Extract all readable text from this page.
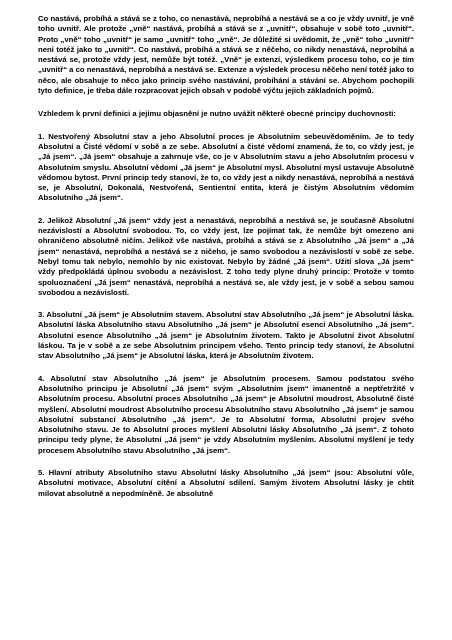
Co nastává, probíhá a stává se z toho, co nenastává, neprobíhá a nestává se a co je vždy uvnitř, je vně toho uvnitř. Ale protože „vně“ nastává, probíhá a stává se z „uvnitř“, obsahuje v sobě toto „uvnitř“. Proto „vně“ toho „uvnitř“ je samo „uvnitř“ toho „vně“. Je důležité si uvědomit, že „vně“ toho „uvnitř“ není totéž jako to „uvnitř“. Co nastává, probíhá a stává se z něčeho, co nikdy nenastává, neprobíhá a nestává se, protože vždy jest, nemůže být totéž. „Vně“ je extenzí, výsledkem procesu toho, co je tím „uvnitř“ a co nenastává, neprobíhá a nestává se. Extenze a výsledek procesu něčeho není totéž jako to něco, ale obsahuje to něco jako princip svého nastávání, probíhání a stávání se. Abychom pochopili tyto definice, je třeba dále rozpracovat jejich obsah v podobě výčtu jejich základních pojmů.

Vzhledem k první definici a jejímu objasnění je nutno uvážit některé obecné principy duchovnosti:

1. Nestvořený Absolutní stav a jeho Absolutní proces je Absolutním sebeuvědoměním. Je to tedy Absolutní a Čisté vědomí v sobě a ze sebe. Absolutní a čisté vědomí znamená, že to, co vždy jest, je „Já jsem“. „Já jsem“ obsahuje a zahrnuje vše, co je v Absolutním stavu a jeho Absolutním procesu v Absolutním smyslu. Absolutní vědomí „Já jsem“ je Absolutní mysl. Absolutní mysl ustavuje Absolutně vědomou bytost. První princip tedy stanoví, že to, co vždy jest a nikdy nenastává, neprobíhá a nestává se, je Absolutní, Dokonalá, Nestvořená, Sentientní entita, která je čistým Absolutním vědomím Absolutního „Já jsem“.

2. Jelikož Absolutní „Já jsem“ vždy jest a nenastává, neprobíhá a nestává se, je současně Absolutní nezávislostí a Absolutní svobodou. To, co vždy jest, lze pojímat tak, že nemůže být omezeno ani ohraničeno absolutně ničím. Jelikož vše nastává, probíhá a stává se z Absolutního „Já jsem“ a „Já jsem“ nenastává, neprobíhá a nestává se z ničeho, je samo svobodou a nezávislostí v sobě ze sebe. Nebyl tomu tak nebylo, nemohlo by nic existovat. Nebylo by žádné „Já jsem“. Užití slova „Já jsem“ vždy předpokládá úplnou svobodu a nezávislost. Z toho tedy plyne druhý princip: Protože v tomto spoluoznačení „Já jsem“ nenastává, neprobíhá a nestává se, ale vždy jest, je v sobě a sebou samou svobodou a nezávislostí.

3. Absolutní „Já jsem“ je Absolutním stavem. Absolutní stav Absolutního „Já jsem“ je Absolutní láska. Absolutní láska Absolutního stavu Absolutního „Já jsem“ je Absolutní esencí Absolutního „Já jsem“. Absolutní esence Absolutního „Já jsem“ je Absolutním životem. Takto je Absolutní život Absolutní láskou. Ta je v sobě a ze sebe Absolutním principem všeho. Tento princip tedy stanoví, že Absolutní stav Absolutního „Já jsem“ je Absolutní láska, která je Absolutním životem.

4. Absolutní stav Absolutního „Já jsem“ je Absolutním procesem. Samou podstatou svého Absolutního principu je Absolutní „Já jsem“ svým „Absolutním jsem“ imanentně a neptřetržitě v Absolutním procesu. Absolutní proces Absolutního „Já jsem“ je Absolutní moudrost, Absolutně čisté myšlení. Absolutní moudrost Absolutního procesu Absolutního stavu Absolutního „Já jsem“ je samou Absolutní substancí Absolutního „Já jsem“. Je to Absolutní forma, Absolutní projev svého Absolutního stavu. Je to Absolutní proces myšlení Absolutní lásky Absolutního „Já jsem“. Z tohoto principu tedy plyne, že Absolutní „Já jsem“ je vždy Absolutním myšlením. Absolutní myšlení je tedy procesem Absolutního stavu Absolutního „Já jsem“.

5. Hlavní atributy Absolutního stavu Absolutní lásky Absolutního „Já jsem“ jsou: Absolutní vůle, Absolutní motivace, Absolutní cítění a Absolutní sdílení. Samým životem Absolutní lásky je chtít milovat absolutně a nepodmíněně. Je absolutně
